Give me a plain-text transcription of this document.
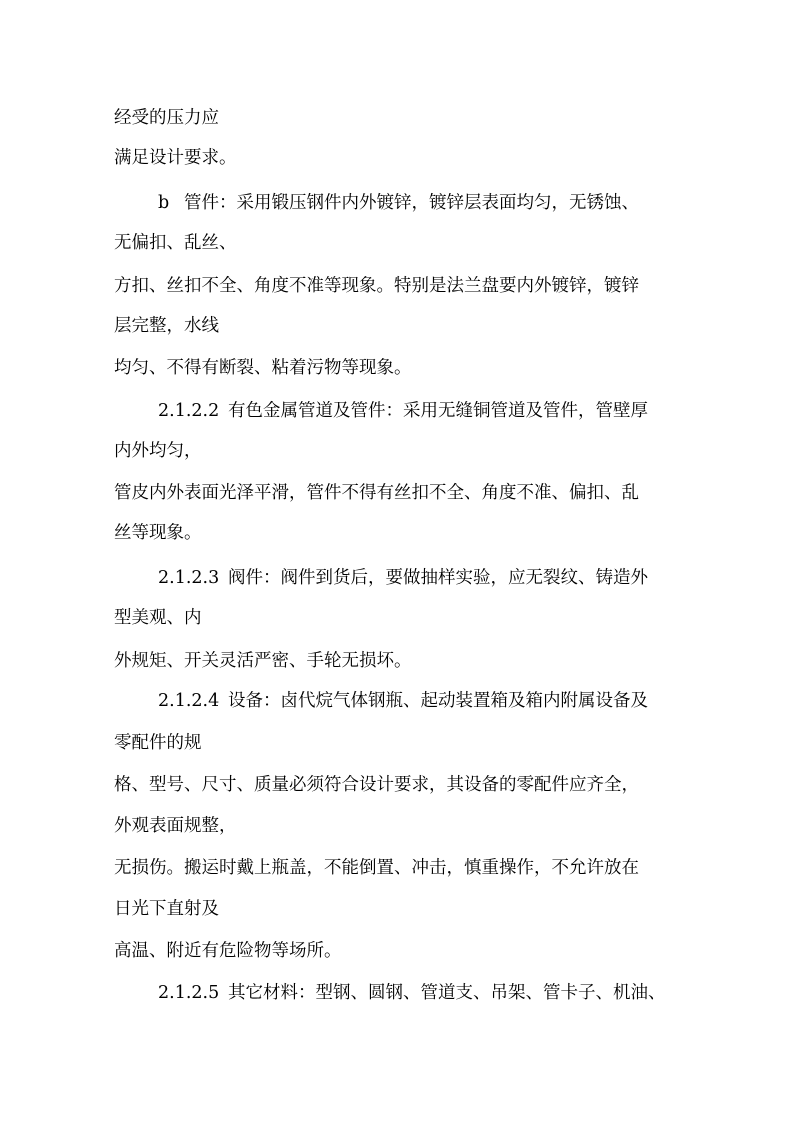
经受的压力应

满足设计要求。

b 管件：采用锻压钢件内外镀锌，镀锌层表面均匀，无锈蚀、

无偏扣、乱丝、

方扣、丝扣不全、角度不准等现象。特别是法兰盘要内外镀锌，镀锌

层完整，水线

均匀、不得有断裂、粘着污物等现象。

2.1.2.2 有色金属管道及管件：采用无缝铜管道及管件，管壁厚

内外均匀，

管皮内外表面光泽平滑，管件不得有丝扣不全、角度不准、偏扣、乱

丝等现象。

2.1.2.3 阀件：阀件到货后，要做抽样实验，应无裂纹、铸造外

型美观、内

外规矩、开关灵活严密、手轮无损坏。

2.1.2.4 设备：卤代烷气体钢瓶、起动装置箱及箱内附属设备及

零配件的规

格、型号、尺寸、质量必须符合设计要求，其设备的零配件应齐全，

外观表面规整，

无损伤。搬运时戴上瓶盖，不能倒置、冲击，慎重操作，不允许放在

日光下直射及

高温、附近有危险物等场所。

2.1.2.5 其它材料：型钢、圆钢、管道支、吊架、管卡子、机油、
